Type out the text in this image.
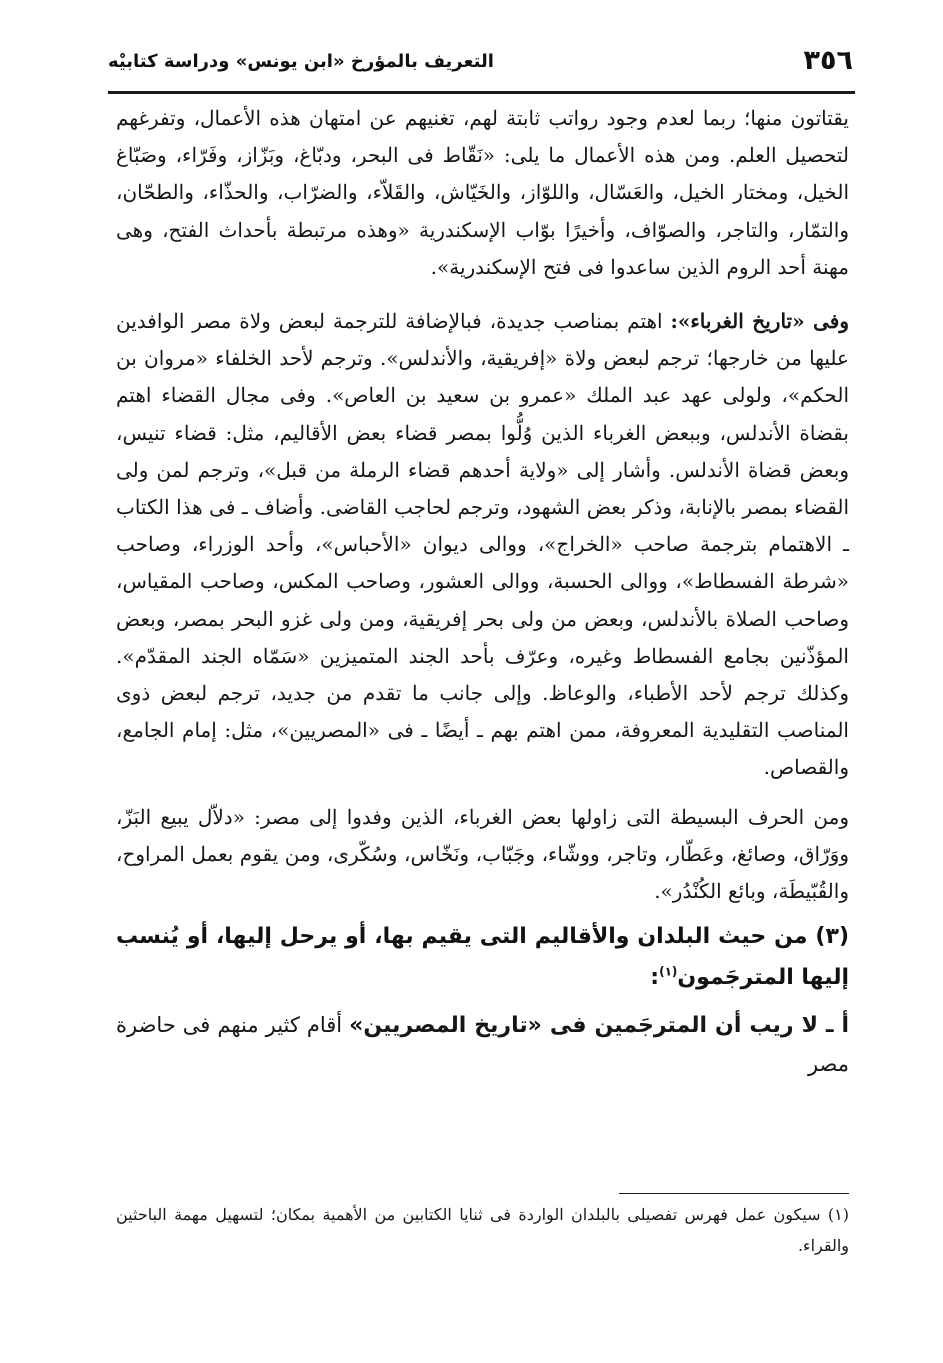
٣٥٦
التعريف بالمؤرخ «ابن يونس» ودراسة كتابيْه

يقتاتون منها؛ ربما لعدم وجود رواتب ثابتة لهم، تغنيهم عن امتهان هذه الأعمال، وتفرغهم لتحصيل العلم. ومن هذه الأعمال ما يلى: «نَقّاط فى البحر، ودبّاغ، وبَزّاز، وفَرّاء، وصَبّاغ الخيل، ومختار الخيل، والعَسّال، واللوّاز، والخَيّاش، والقَلاّء، والضرّاب، والحذّاء، والطحّان، والتمّار، والتاجر، والصوّاف، وأخيرًا بوّاب الإسكندرية «وهذه مرتبطة بأحداث الفتح، وهى مهنة أحد الروم الذين ساعدوا فى فتح الإسكندرية».

وفى «تاريخ الغرباء»: اهتم بمناصب جديدة، فبالإضافة للترجمة لبعض ولاة مصر الوافدين عليها من خارجها؛ ترجم لبعض ولاة «إفريقية، والأندلس». وترجم لأحد الخلفاء «مروان بن الحكم»، ولولى عهد عبد الملك «عمرو بن سعيد بن العاص». وفى مجال القضاء اهتم بقضاة الأندلس، وببعض الغرباء الذين وُلُّوا بمصر قضاء بعض الأقاليم، مثل: قضاء تنيس، وبعض قضاة الأندلس. وأشار إلى «ولاية أحدهم قضاء الرملة من قبل»، وترجم لمن ولى القضاء بمصر بالإنابة، وذكر بعض الشهود، وترجم لحاجب القاضى. وأضاف ـ فى هذا الكتاب ـ الاهتمام بترجمة صاحب «الخراج»، ووالى ديوان «الأحباس»، وأحد الوزراء، وصاحب «شرطة الفسطاط»، ووالى الحسبة، ووالى العشور، وصاحب المكس، وصاحب المقياس، وصاحب الصلاة بالأندلس، وبعض من ولى بحر إفريقية، ومن ولى غزو البحر بمصر، وبعض المؤذّنين بجامع الفسطاط وغيره، وعرّف بأحد الجند المتميزين «سَمّاه الجند المقدّم». وكذلك ترجم لأحد الأطباء، والوعاظ. وإلى جانب ما تقدم من جديد، ترجم لبعض ذوى المناصب التقليدية المعروفة، ممن اهتم بهم ـ أيضًا ـ فى «المصريين»، مثل: إمام الجامع، والقصاص.

ومن الحرف البسيطة التى زاولها بعض الغرباء، الذين وفدوا إلى مصر: «دلاّل يبيع البَزّ، ووَرّاق، وصائغ، وعَطّار، وتاجر، ووشّاء، وجَبّاب، ونَخّاس، وسُكّرى، ومن يقوم بعمل المراوح، والقُبّيطَة، وبائع الكُنْدُر».

(٣) من حيث البلدان والأقاليم التى يقيم بها، أو يرحل إليها، أو يُنسب إليها المترجَمون$^{(١)}$:

أ ـ لا ريب أن المترجَمين فى «تاريخ المصريين» أقام كثير منهم فى حاضرة مصر

(١) سيكون عمل فهرس تفصيلى بالبلدان الواردة فى ثنايا الكتابين من الأهمية بمكان؛ لتسهيل مهمة الباحثين والقراء.
